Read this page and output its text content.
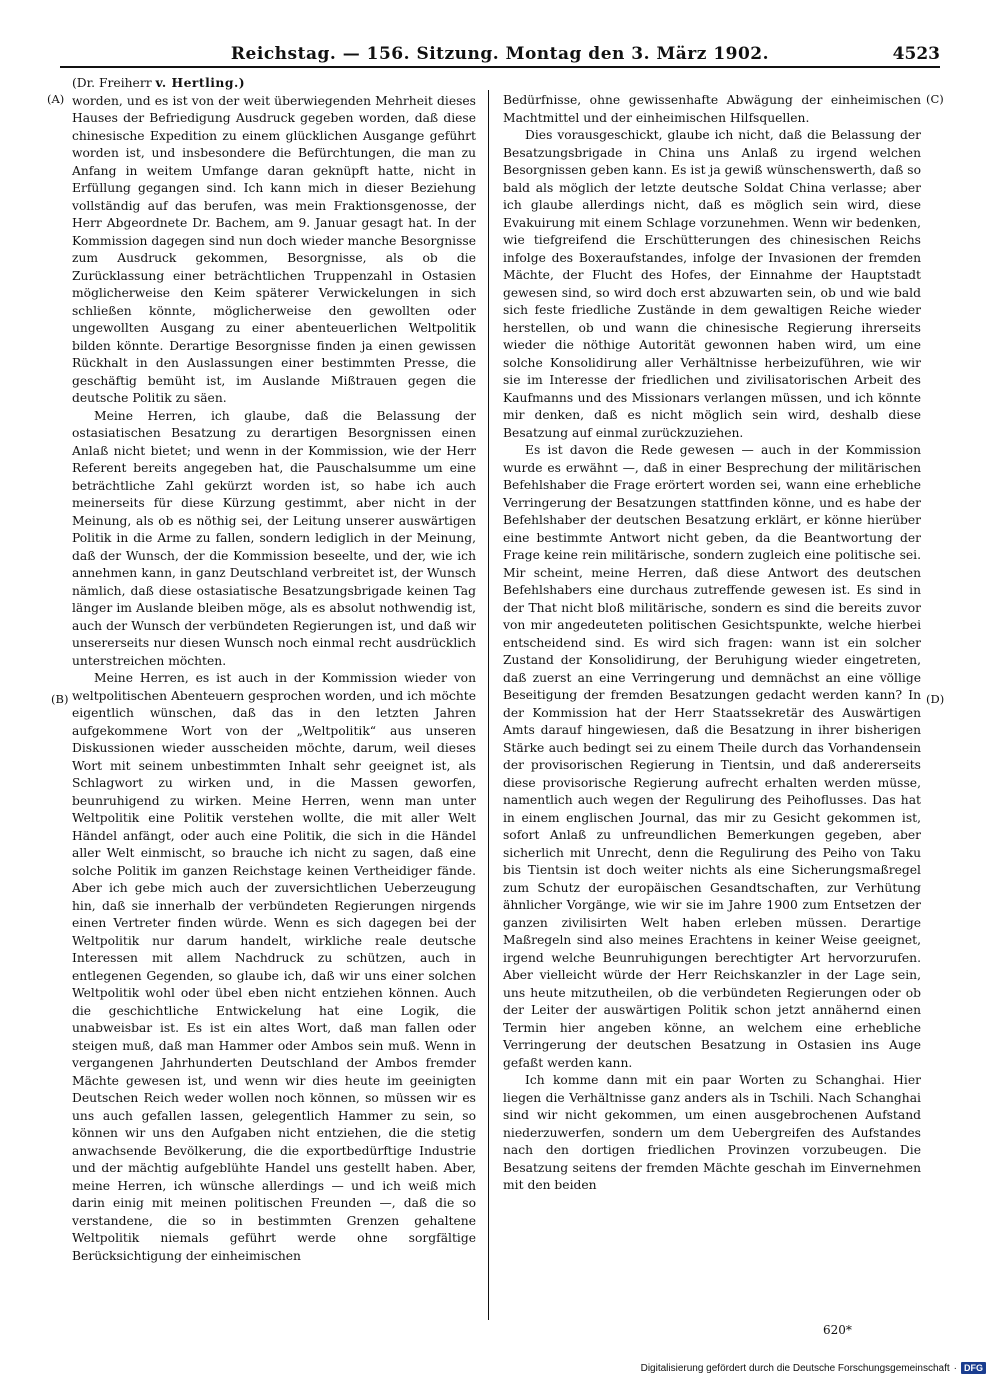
Reichstag. — 156. Sitzung. Montag den 3. März 1902.	4523
(A)
(B)
(C)
(D)

(Dr. Freiherr v. Hertling.)

worden, und es ist von der weit überwiegenden Mehrheit dieses Hauses der Befriedigung Ausdruck gegeben worden, daß diese chinesische Expedition zu einem glücklichen Ausgange geführt worden ist, und insbesondere die Befürchtungen, die man zu Anfang in weitem Umfange daran geknüpft hatte, nicht in Erfüllung gegangen sind. Ich kann mich in dieser Beziehung vollständig auf das berufen, was mein Fraktionsgenosse, der Herr Abgeordnete Dr. Bachem, am 9. Januar gesagt hat. In der Kommission dagegen sind nun doch wieder manche Besorgnisse zum Ausdruck gekommen, Besorgnisse, als ob die Zurücklassung einer beträchtlichen Truppenzahl in Ostasien möglicherweise den Keim späterer Verwickelungen in sich schließen könnte, möglicherweise den gewollten oder ungewollten Ausgang zu einer abenteuerlichen Weltpolitik bilden könnte. Derartige Besorgnisse finden ja einen gewissen Rückhalt in den Auslassungen einer bestimmten Presse, die geschäftig bemüht ist, im Auslande Mißtrauen gegen die deutsche Politik zu säen.

Meine Herren, ich glaube, daß die Belassung der ostasiatischen Besatzung zu derartigen Besorgnissen einen Anlaß nicht bietet; und wenn in der Kommission, wie der Herr Referent bereits angegeben hat, die Pauschalsumme um eine beträchtliche Zahl gekürzt worden ist, so habe ich auch meinerseits für diese Kürzung gestimmt, aber nicht in der Meinung, als ob es nöthig sei, der Leitung unserer auswärtigen Politik in die Arme zu fallen, sondern lediglich in der Meinung, daß der Wunsch, der die Kommission beseelte, und der, wie ich annehmen kann, in ganz Deutschland verbreitet ist, der Wunsch nämlich, daß diese ostasiatische Besatzungsbrigade keinen Tag länger im Auslande bleiben möge, als es absolut nothwendig ist, auch der Wunsch der verbündeten Regierungen ist, und daß wir unsererseits nur diesen Wunsch noch einmal recht ausdrücklich unterstreichen möchten.

Meine Herren, es ist auch in der Kommission wieder von weltpolitischen Abenteuern gesprochen worden, und ich möchte eigentlich wünschen, daß das in den letzten Jahren aufgekommene Wort von der „Weltpolitik“ aus unseren Diskussionen wieder ausscheiden möchte, darum, weil dieses Wort mit seinem unbestimmten Inhalt sehr geeignet ist, als Schlagwort zu wirken und, in die Massen geworfen, beunruhigend zu wirken. Meine Herren, wenn man unter Weltpolitik eine Politik verstehen wollte, die mit aller Welt Händel anfängt, oder auch eine Politik, die sich in die Händel aller Welt einmischt, so brauche ich nicht zu sagen, daß eine solche Politik im ganzen Reichstage keinen Vertheidiger fände. Aber ich gebe mich auch der zuversichtlichen Ueberzeugung hin, daß sie innerhalb der verbündeten Regierungen nirgends einen Vertreter finden würde. Wenn es sich dagegen bei der Weltpolitik nur darum handelt, wirkliche reale deutsche Interessen mit allem Nachdruck zu schützen, auch in entlegenen Gegenden, so glaube ich, daß wir uns einer solchen Weltpolitik wohl oder übel eben nicht entziehen können. Auch die geschichtliche Entwickelung hat eine Logik, die unabweisbar ist. Es ist ein altes Wort, daß man fallen oder steigen muß, daß man Hammer oder Ambos sein muß. Wenn in vergangenen Jahrhunderten Deutschland der Ambos fremder Mächte gewesen ist, und wenn wir dies heute im geeinigten Deutschen Reich weder wollen noch können, so müssen wir es uns auch gefallen lassen, gelegentlich Hammer zu sein, so können wir uns den Aufgaben nicht entziehen, die die stetig anwachsende Bevölkerung, die die exportbedürftige Industrie und der mächtig aufgeblühte Handel uns gestellt haben. Aber, meine Herren, ich wünsche allerdings — und ich weiß mich darin einig mit meinen politischen Freunden —, daß die so verstandene, die so in bestimmten Grenzen gehaltene Weltpolitik niemals geführt werde ohne sorgfältige Berücksichtigung der einheimischen

Bedürfnisse, ohne gewissenhafte Abwägung der einheimischen Machtmittel und der einheimischen Hilfsquellen.

Dies vorausgeschickt, glaube ich nicht, daß die Belassung der Besatzungsbrigade in China uns Anlaß zu irgend welchen Besorgnissen geben kann. Es ist ja gewiß wünschenswerth, daß so bald als möglich der letzte deutsche Soldat China verlasse; aber ich glaube allerdings nicht, daß es möglich sein wird, diese Evakuirung mit einem Schlage vorzunehmen. Wenn wir bedenken, wie tiefgreifend die Erschütterungen des chinesischen Reichs infolge des Boxeraufstandes, infolge der Invasionen der fremden Mächte, der Flucht des Hofes, der Einnahme der Hauptstadt gewesen sind, so wird doch erst abzuwarten sein, ob und wie bald sich feste friedliche Zustände in dem gewaltigen Reiche wieder herstellen, ob und wann die chinesische Regierung ihrerseits wieder die nöthige Autorität gewonnen haben wird, um eine solche Konsolidirung aller Verhältnisse herbeizuführen, wie wir sie im Interesse der friedlichen und zivilisatorischen Arbeit des Kaufmanns und des Missionars verlangen müssen, und ich könnte mir denken, daß es nicht möglich sein wird, deshalb diese Besatzung auf einmal zurückzuziehen.

Es ist davon die Rede gewesen — auch in der Kommission wurde es erwähnt —, daß in einer Besprechung der militärischen Befehlshaber die Frage erörtert worden sei, wann eine erhebliche Verringerung der Besatzungen stattfinden könne, und es habe der Befehlshaber der deutschen Besatzung erklärt, er könne hierüber eine bestimmte Antwort nicht geben, da die Beantwortung der Frage keine rein militärische, sondern zugleich eine politische sei. Mir scheint, meine Herren, daß diese Antwort des deutschen Befehlshabers eine durchaus zutreffende gewesen ist. Es sind in der That nicht bloß militärische, sondern es sind die bereits zuvor von mir angedeuteten politischen Gesichtspunkte, welche hierbei entscheidend sind. Es wird sich fragen: wann ist ein solcher Zustand der Konsolidirung, der Beruhigung wieder eingetreten, daß zuerst an eine Verringerung und demnächst an eine völlige Beseitigung der fremden Besatzungen gedacht werden kann? In der Kommission hat der Herr Staatssekretär des Auswärtigen Amts darauf hingewiesen, daß die Besatzung in ihrer bisherigen Stärke auch bedingt sei zu einem Theile durch das Vorhandensein der provisorischen Regierung in Tientsin, und daß andererseits diese provisorische Regierung aufrecht erhalten werden müsse, namentlich auch wegen der Regulirung des Peihoflusses. Das hat in einem englischen Journal, das mir zu Gesicht gekommen ist, sofort Anlaß zu unfreundlichen Bemerkungen gegeben, aber sicherlich mit Unrecht, denn die Regulirung des Peiho von Taku bis Tientsin ist doch weiter nichts als eine Sicherungsmaßregel zum Schutz der europäischen Gesandtschaften, zur Verhütung ähnlicher Vorgänge, wie wir sie im Jahre 1900 zum Entsetzen der ganzen zivilisirten Welt haben erleben müssen. Derartige Maßregeln sind also meines Erachtens in keiner Weise geeignet, irgend welche Beunruhigungen berechtigter Art hervorzurufen. Aber vielleicht würde der Herr Reichskanzler in der Lage sein, uns heute mitzutheilen, ob die verbündeten Regierungen oder ob der Leiter der auswärtigen Politik schon jetzt annähernd einen Termin hier angeben könne, an welchem eine erhebliche Verringerung der deutschen Besatzung in Ostasien ins Auge gefaßt werden kann.

Ich komme dann mit ein paar Worten zu Schanghai. Hier liegen die Verhältnisse ganz anders als in Tschili. Nach Schanghai sind wir nicht gekommen, um einen ausgebrochenen Aufstand niederzuwerfen, sondern um dem Uebergreifen des Aufstandes nach den dortigen friedlichen Provinzen vorzubeugen. Die Besatzung seitens der fremden Mächte geschah im Einvernehmen mit den beiden

620*
Digitalisierung gefördert durch die Deutsche Forschungsgemeinschaft · DFG
